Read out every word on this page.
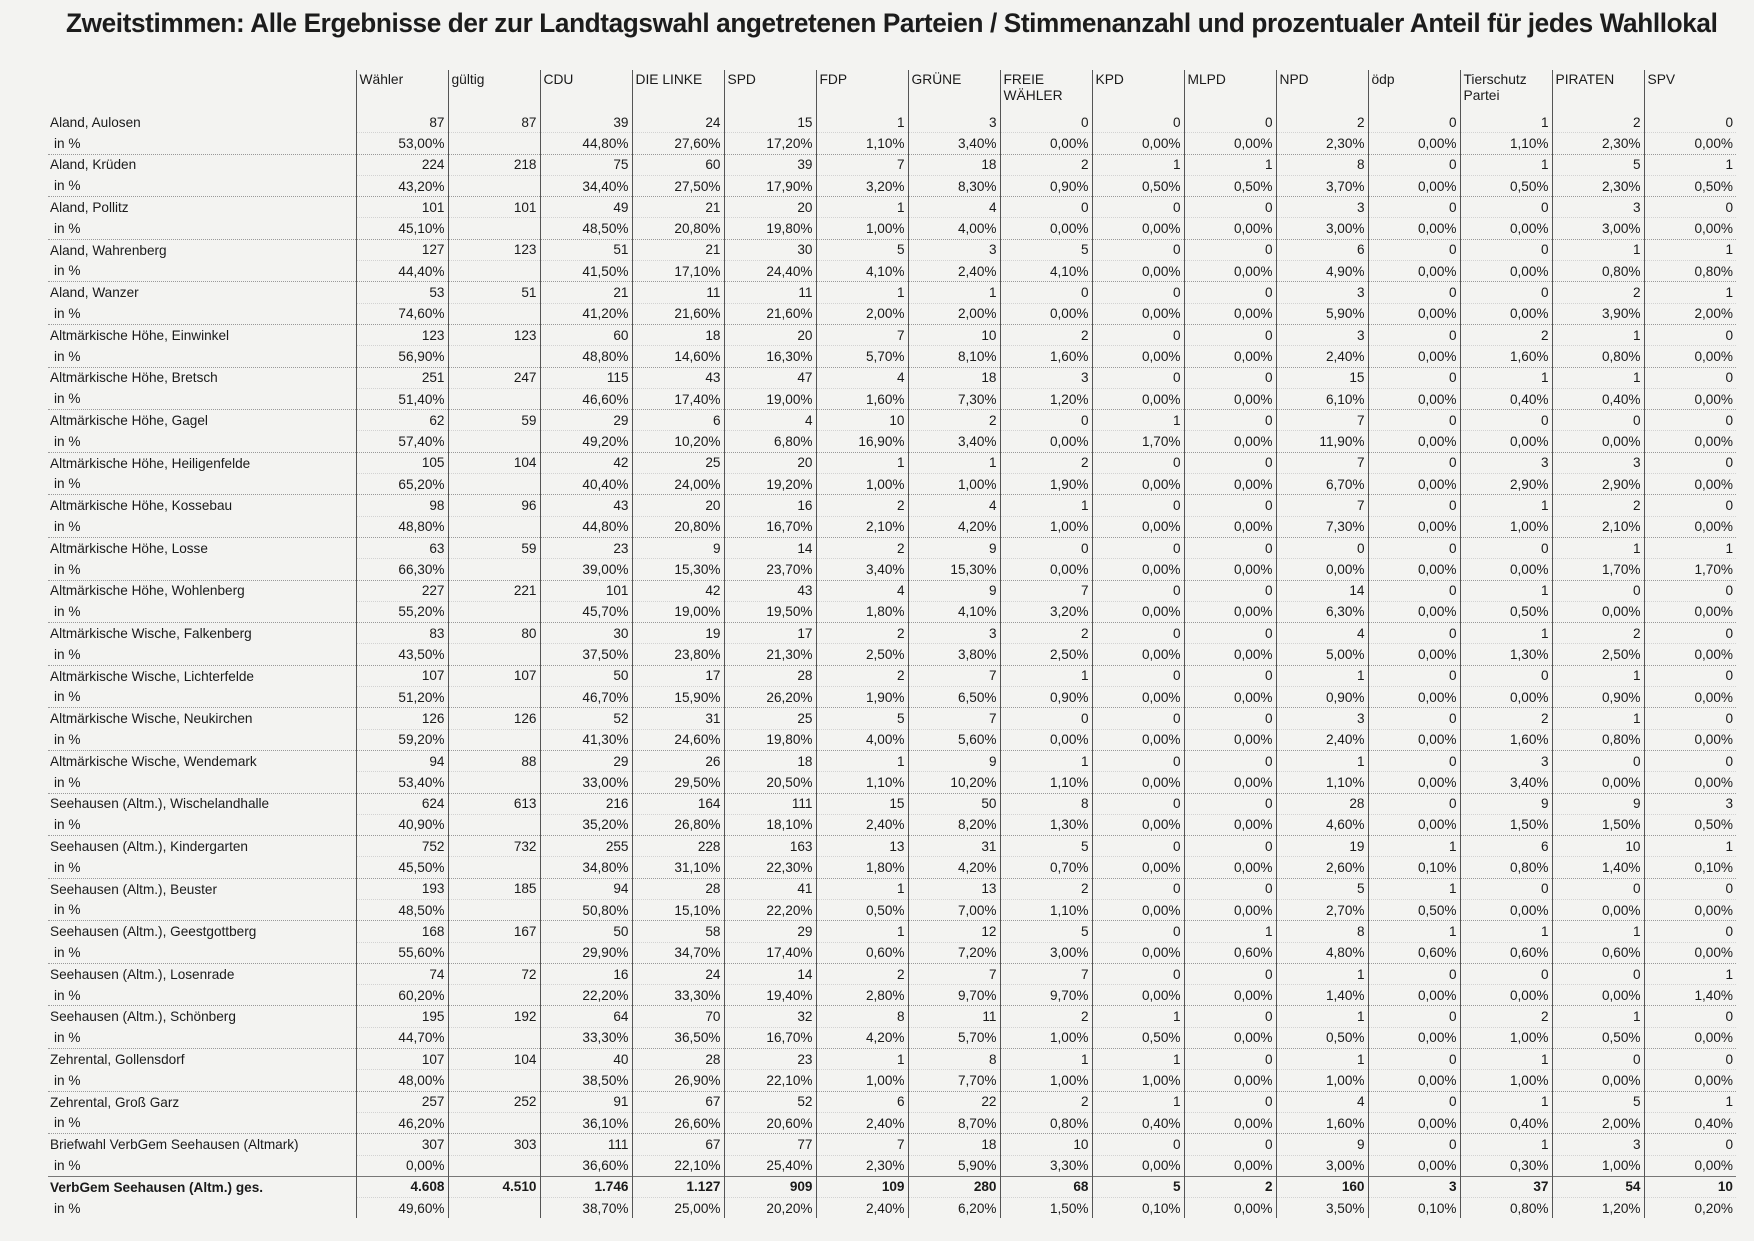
Zweitstimmen: Alle Ergebnisse der zur Landtagswahl angetretenen Parteien / Stimmenanzahl und prozentualer Anteil für jedes Wahllokal
	Wähler	gültig	CDU	DIE LINKE	SPD	FDP	GRÜNE	FREIE WÄHLER	KPD	MLPD	NPD	ödp	Tierschutz Partei	PIRATEN	SPV
Aland, Aulosen	87	87	39	24	15	1	3	0	0	0	2	0	1	2	0
in %	53,00%		44,80%	27,60%	17,20%	1,10%	3,40%	0,00%	0,00%	0,00%	2,30%	0,00%	1,10%	2,30%	0,00%
Aland, Krüden	224	218	75	60	39	7	18	2	1	1	8	0	1	5	1
in %	43,20%		34,40%	27,50%	17,90%	3,20%	8,30%	0,90%	0,50%	0,50%	3,70%	0,00%	0,50%	2,30%	0,50%
Aland, Pollitz	101	101	49	21	20	1	4	0	0	0	3	0	0	3	0
in %	45,10%		48,50%	20,80%	19,80%	1,00%	4,00%	0,00%	0,00%	0,00%	3,00%	0,00%	0,00%	3,00%	0,00%
Aland, Wahrenberg	127	123	51	21	30	5	3	5	0	0	6	0	0	1	1
in %	44,40%		41,50%	17,10%	24,40%	4,10%	2,40%	4,10%	0,00%	0,00%	4,90%	0,00%	0,00%	0,80%	0,80%
Aland, Wanzer	53	51	21	11	11	1	1	0	0	0	3	0	0	2	1
in %	74,60%		41,20%	21,60%	21,60%	2,00%	2,00%	0,00%	0,00%	0,00%	5,90%	0,00%	0,00%	3,90%	2,00%
Altmärkische Höhe, Einwinkel	123	123	60	18	20	7	10	2	0	0	3	0	2	1	0
in %	56,90%		48,80%	14,60%	16,30%	5,70%	8,10%	1,60%	0,00%	0,00%	2,40%	0,00%	1,60%	0,80%	0,00%
Altmärkische Höhe, Bretsch	251	247	115	43	47	4	18	3	0	0	15	0	1	1	0
in %	51,40%		46,60%	17,40%	19,00%	1,60%	7,30%	1,20%	0,00%	0,00%	6,10%	0,00%	0,40%	0,40%	0,00%
Altmärkische Höhe, Gagel	62	59	29	6	4	10	2	0	1	0	7	0	0	0	0
in %	57,40%		49,20%	10,20%	6,80%	16,90%	3,40%	0,00%	1,70%	0,00%	11,90%	0,00%	0,00%	0,00%	0,00%
Altmärkische Höhe, Heiligenfelde	105	104	42	25	20	1	1	2	0	0	7	0	3	3	0
in %	65,20%		40,40%	24,00%	19,20%	1,00%	1,00%	1,90%	0,00%	0,00%	6,70%	0,00%	2,90%	2,90%	0,00%
Altmärkische Höhe, Kossebau	98	96	43	20	16	2	4	1	0	0	7	0	1	2	0
in %	48,80%		44,80%	20,80%	16,70%	2,10%	4,20%	1,00%	0,00%	0,00%	7,30%	0,00%	1,00%	2,10%	0,00%
Altmärkische Höhe, Losse	63	59	23	9	14	2	9	0	0	0	0	0	0	1	1
in %	66,30%		39,00%	15,30%	23,70%	3,40%	15,30%	0,00%	0,00%	0,00%	0,00%	0,00%	0,00%	1,70%	1,70%
Altmärkische Höhe, Wohlenberg	227	221	101	42	43	4	9	7	0	0	14	0	1	0	0
in %	55,20%		45,70%	19,00%	19,50%	1,80%	4,10%	3,20%	0,00%	0,00%	6,30%	0,00%	0,50%	0,00%	0,00%
Altmärkische Wische, Falkenberg	83	80	30	19	17	2	3	2	0	0	4	0	1	2	0
in %	43,50%		37,50%	23,80%	21,30%	2,50%	3,80%	2,50%	0,00%	0,00%	5,00%	0,00%	1,30%	2,50%	0,00%
Altmärkische Wische, Lichterfelde	107	107	50	17	28	2	7	1	0	0	1	0	0	1	0
in %	51,20%		46,70%	15,90%	26,20%	1,90%	6,50%	0,90%	0,00%	0,00%	0,90%	0,00%	0,00%	0,90%	0,00%
Altmärkische Wische, Neukirchen	126	126	52	31	25	5	7	0	0	0	3	0	2	1	0
in %	59,20%		41,30%	24,60%	19,80%	4,00%	5,60%	0,00%	0,00%	0,00%	2,40%	0,00%	1,60%	0,80%	0,00%
Altmärkische Wische, Wendemark	94	88	29	26	18	1	9	1	0	0	1	0	3	0	0
in %	53,40%		33,00%	29,50%	20,50%	1,10%	10,20%	1,10%	0,00%	0,00%	1,10%	0,00%	3,40%	0,00%	0,00%
Seehausen (Altm.), Wischelandhalle	624	613	216	164	111	15	50	8	0	0	28	0	9	9	3
in %	40,90%		35,20%	26,80%	18,10%	2,40%	8,20%	1,30%	0,00%	0,00%	4,60%	0,00%	1,50%	1,50%	0,50%
Seehausen (Altm.), Kindergarten	752	732	255	228	163	13	31	5	0	0	19	1	6	10	1
in %	45,50%		34,80%	31,10%	22,30%	1,80%	4,20%	0,70%	0,00%	0,00%	2,60%	0,10%	0,80%	1,40%	0,10%
Seehausen (Altm.), Beuster	193	185	94	28	41	1	13	2	0	0	5	1	0	0	0
in %	48,50%		50,80%	15,10%	22,20%	0,50%	7,00%	1,10%	0,00%	0,00%	2,70%	0,50%	0,00%	0,00%	0,00%
Seehausen (Altm.), Geestgottberg	168	167	50	58	29	1	12	5	0	1	8	1	1	1	0
in %	55,60%		29,90%	34,70%	17,40%	0,60%	7,20%	3,00%	0,00%	0,60%	4,80%	0,60%	0,60%	0,60%	0,00%
Seehausen (Altm.), Losenrade	74	72	16	24	14	2	7	7	0	0	1	0	0	0	1
in %	60,20%		22,20%	33,30%	19,40%	2,80%	9,70%	9,70%	0,00%	0,00%	1,40%	0,00%	0,00%	0,00%	1,40%
Seehausen (Altm.), Schönberg	195	192	64	70	32	8	11	2	1	0	1	0	2	1	0
in %	44,70%		33,30%	36,50%	16,70%	4,20%	5,70%	1,00%	0,50%	0,00%	0,50%	0,00%	1,00%	0,50%	0,00%
Zehrental, Gollensdorf	107	104	40	28	23	1	8	1	1	0	1	0	1	0	0
in %	48,00%		38,50%	26,90%	22,10%	1,00%	7,70%	1,00%	1,00%	0,00%	1,00%	0,00%	1,00%	0,00%	0,00%
Zehrental, Groß Garz	257	252	91	67	52	6	22	2	1	0	4	0	1	5	1
in %	46,20%		36,10%	26,60%	20,60%	2,40%	8,70%	0,80%	0,40%	0,00%	1,60%	0,00%	0,40%	2,00%	0,40%
Briefwahl VerbGem Seehausen (Altmark)	307	303	111	67	77	7	18	10	0	0	9	0	1	3	0
in %	0,00%		36,60%	22,10%	25,40%	2,30%	5,90%	3,30%	0,00%	0,00%	3,00%	0,00%	0,30%	1,00%	0,00%
VerbGem Seehausen (Altm.) ges.	4.608	4.510	1.746	1.127	909	109	280	68	5	2	160	3	37	54	10
in %	49,60%		38,70%	25,00%	20,20%	2,40%	6,20%	1,50%	0,10%	0,00%	3,50%	0,10%	0,80%	1,20%	0,20%
